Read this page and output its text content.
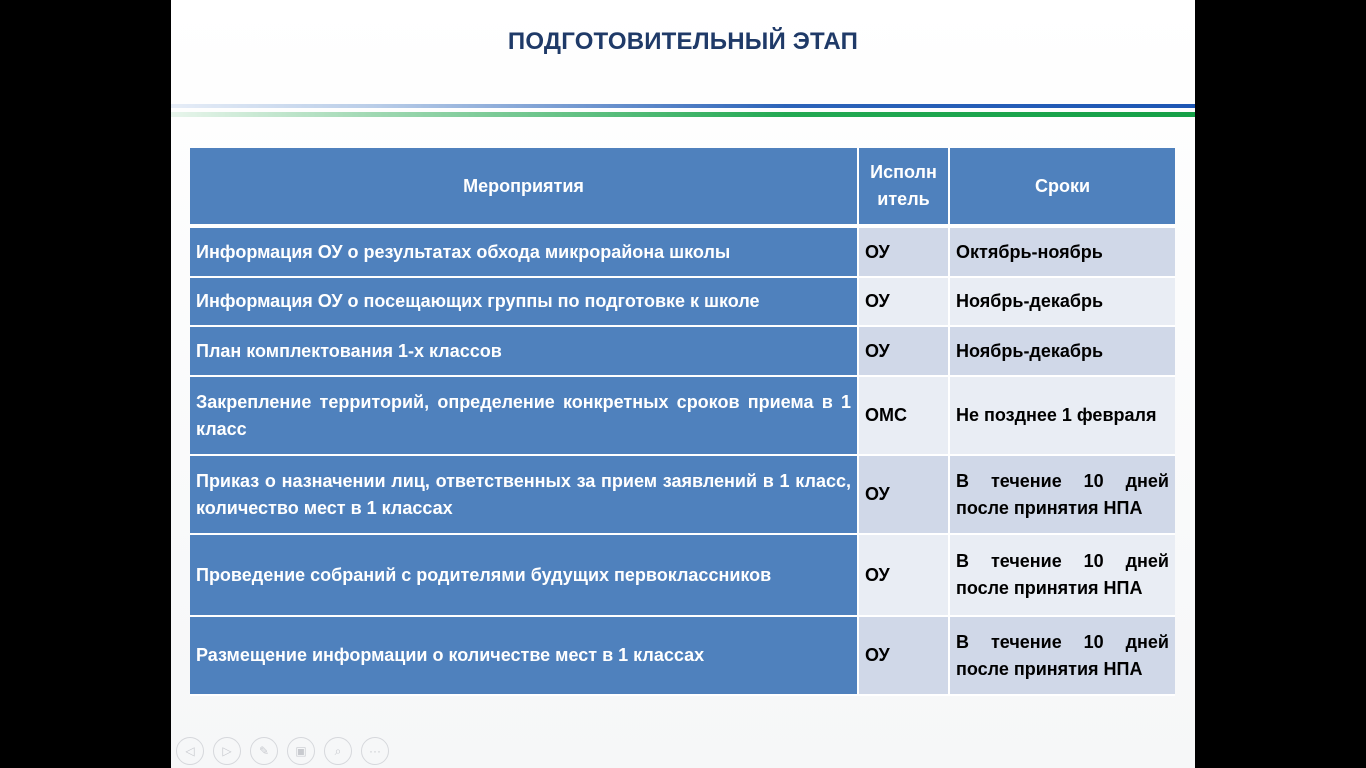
ПОДГОТОВИТЕЛЬНЫЙ ЭТАП
Мероприятия	Исполн итель	Сроки
Информация ОУ о результатах обхода микрорайона школы	ОУ	Октябрь-ноябрь
Информация ОУ о посещающих группы по подготовке к школе	ОУ	Ноябрь-декабрь
План комплектования 1-х классов	ОУ	Ноябрь-декабрь
Закрепление территорий, определение конкретных сроков приема в 1 класс	ОМС	Не позднее 1 февраля
Приказ о назначении лиц, ответственных за прием заявлений в 1 класс, количество мест в 1 классах	ОУ	В течение 10 дней после принятия НПА
Проведение собраний с родителями будущих первоклассников	ОУ	В течение 10 дней после принятия НПА
Размещение информации о количестве мест в 1 классах	ОУ	В течение 10 дней после принятия НПА
◁	▷	✎	▣	⌕	···
